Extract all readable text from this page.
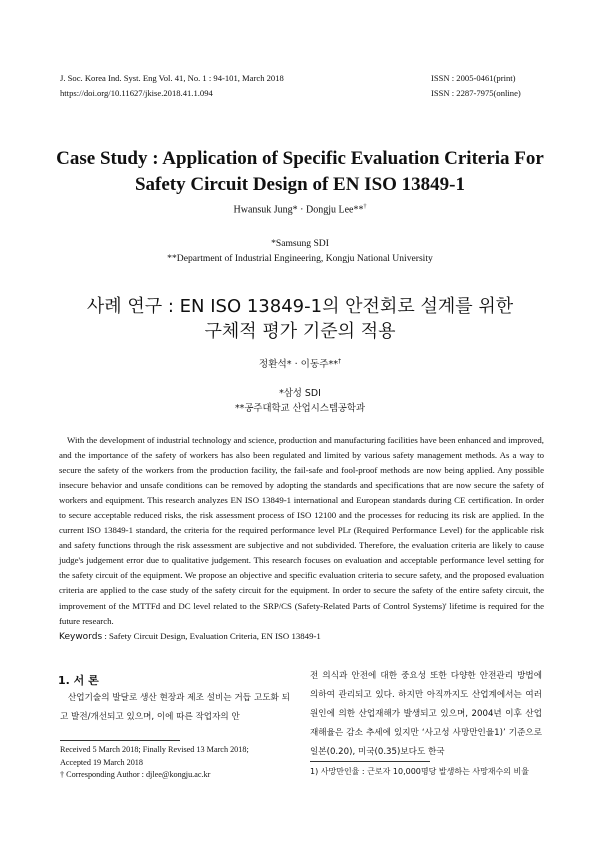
J. Soc. Korea Ind. Syst. Eng Vol. 41, No. 1 : 94-101, March 2018
https://doi.org/10.11627/jkise.2018.41.1.094
ISSN : 2005-0461(print)
ISSN : 2287-7975(online)
Case Study : Application of Specific Evaluation Criteria For
Safety Circuit Design of EN ISO 13849-1
Hwansuk Jung* · Dongju Lee**†
*Samsung SDI
**Department of Industrial Engineering, Kongju National University
사례 연구 : EN ISO 13849-1의 안전회로 설계를 위한
구체적 평가 기준의 적용
정환석* · 이동주**†
*삼성 SDI
**공주대학교 산업시스템공학과

With the development of industrial technology and science, production and manufacturing facilities have been enhanced and improved, and the importance of the safety of workers has also been regulated and limited by various safety management methods. As a way to secure the safety of the workers from the production facility, the fail-safe and fool-proof methods are now being applied. Any possible insecure behavior and unsafe conditions can be removed by adopting the standards and specifications that are now secure the safety of workers and equipment. This research analyzes EN ISO 13849-1 international and European standards during CE certification. In order to secure acceptable reduced risks, the risk assessment process of ISO 12100 and the processes for reducing its risk are applied. In the current ISO 13849-1 standard, the criteria for the required performance level PLr (Required Performance Level) for the applicable risk and safety functions through the risk assessment are subjective and not subdivided. Therefore, the evaluation criteria are likely to cause judge's judgement error due to qualitative judgement. This research focuses on evaluation and acceptable performance level setting for the safety circuit of the equipment. We propose an objective and specific evaluation criteria to secure safety, and the proposed evaluation criteria are applied to the case study of the safety circuit for the equipment. In order to secure the safety of the entire safety circuit, the improvement of the MTTFd and DC level related to the SRP/CS (Safety-Related Parts of Control Systems)' lifetime is required for the future research.

Keywords : Safety Circuit Design, Evaluation Criteria, EN ISO 13849-1
1. 서 론

산업기술의 발달로 생산 현장과 제조 설비는 거듭 고도화 되고 발전/개선되고 있으며, 이에 따른 작업자의 안

Received 5 March 2018; Finally Revised 13 March 2018;
Accepted 19 March 2018
† Corresponding Author : djlee@kongju.ac.kr

전 의식과 안전에 대한 중요성 또한 다양한 안전관리 방법에 의하여 관리되고 있다. 하지만 아직까지도 산업계에서는 여러 원인에 의한 산업재해가 발생되고 있으며, 2004년 이후 산업재해율은 감소 추세에 있지만 ‘사고성 사망만인율1)’ 기준으로 일본(0.20), 미국(0.35)보다도 한국

1) 사망만인율 : 근로자 10,000명당 발생하는 사망재수의 비율
